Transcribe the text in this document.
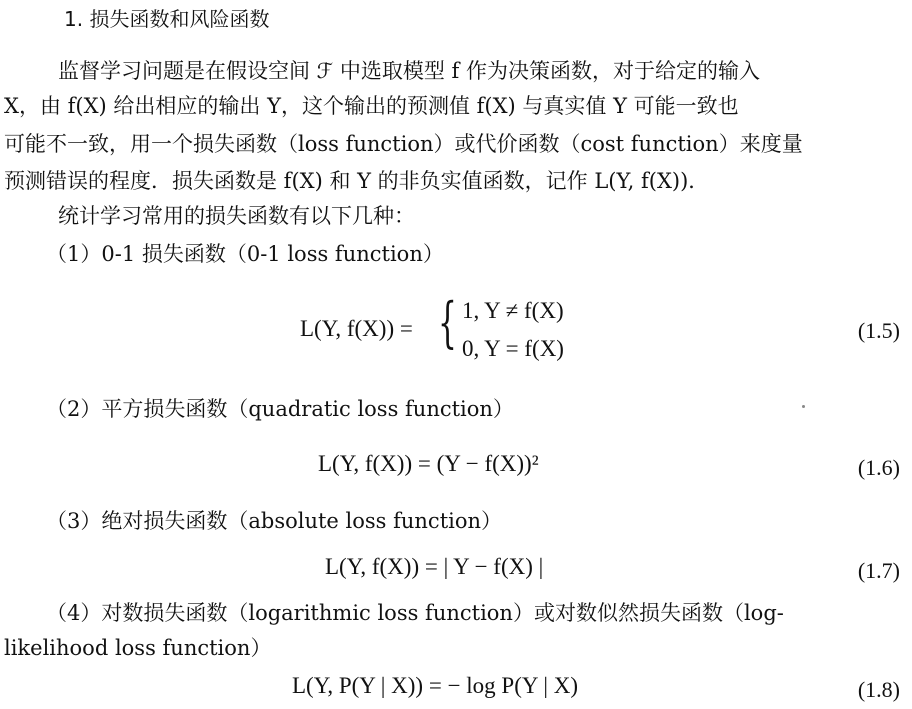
1. 损失函数和风险函数
监督学习问题是在假设空间 ℱ 中选取模型 f 作为决策函数，对于给定的输入
X，由 f(X) 给出相应的输出 Y，这个输出的预测值 f(X) 与真实值 Y 可能一致也
可能不一致，用一个损失函数（loss function）或代价函数（cost function）来度量
预测错误的程度．损失函数是 f(X) 和 Y 的非负实值函数，记作 L(Y, f(X))．
统计学习常用的损失函数有以下几种：
（1）0-1 损失函数（0-1 loss function）
L(Y, f(X)) = { 1, Y ≠ f(X)
0, Y = f(X)
(1.5)
（2）平方损失函数（quadratic loss function）
L(Y, f(X)) = (Y − f(X))²	(1.6)
（3）绝对损失函数（absolute loss function）
L(Y, f(X)) = | Y − f(X) |	(1.7)
（4）对数损失函数（logarithmic loss function）或对数似然损失函数（log-
likelihood loss function）
L(Y, P(Y | X)) = − log P(Y | X)	(1.8)
